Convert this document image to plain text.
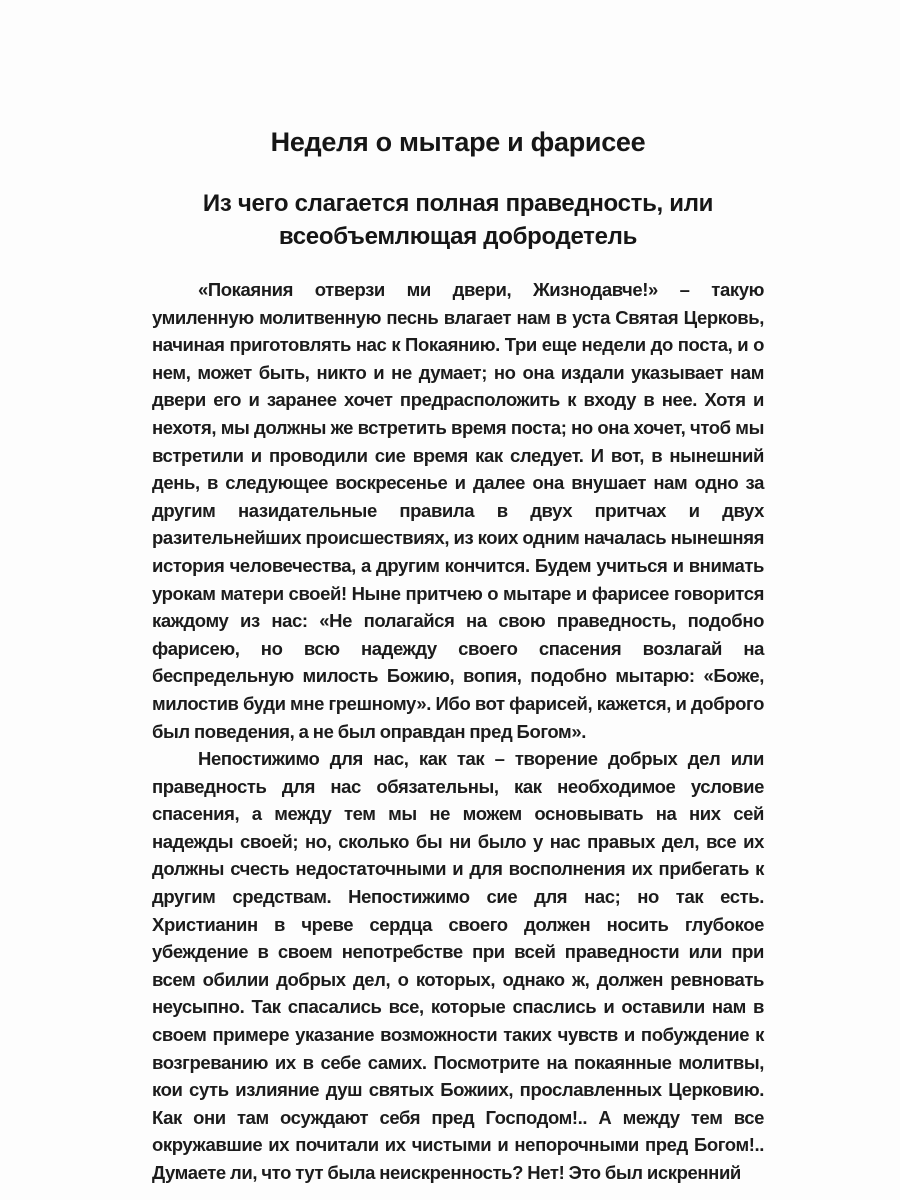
Неделя о мытаре и фарисее
Из чего слагается полная праведность, или
всеобъемлющая добродетель

«Покаяния отверзи ми двери, Жизнодавче!» – такую умиленную молитвенную песнь влагает нам в уста Святая Церковь, начиная приготовлять нас к Покаянию. Три еще недели до поста, и о нем, может быть, никто и не думает; но она издали указывает нам двери его и заранее хочет предрасположить к входу в нее. Хотя и нехотя, мы должны же встретить время поста; но она хочет, чтоб мы встретили и проводили сие время как следует. И вот, в нынешний день, в следующее воскресенье и далее она внушает нам одно за другим назидательные правила в двух притчах и двух разительнейших происшествиях, из коих одним началась нынешняя история человечества, а другим кончится. Будем учиться и внимать урокам матери своей! Ныне притчею о мытаре и фарисее говорится каждому из нас: «Не полагайся на свою праведность, подобно фарисею, но всю надежду своего спасения возлагай на беспредельную милость Божию, вопия, подобно мытарю: «Боже, милостив буди мне грешному». Ибо вот фарисей, кажется, и доброго был поведения, а не был оправдан пред Богом».

Непостижимо для нас, как так – творение добрых дел или праведность для нас обязательны, как необходимое условие спасения, а между тем мы не можем основывать на них сей надежды своей; но, сколько бы ни было у нас правых дел, все их должны счесть недостаточными и для восполнения их прибегать к другим средствам. Непостижимо сие для нас; но так есть. Христианин в чреве сердца своего должен носить глубокое убеждение в своем непотребстве при всей праведности или при всем обилии добрых дел, о которых, однако ж, должен ревновать неусыпно. Так спасались все, которые спаслись и оставили нам в своем примере указание возможности таких чувств и побуждение к возгреванию их в себе самих. Посмотрите на покаянные молитвы, кои суть излияние душ святых Божиих, прославленных Церковию. Как они там осуждают себя пред Господом!.. А между тем все окружавшие их почитали их чистыми и непорочными пред Богом!.. Думаете ли, что тут была неискренность? Нет! Это был искренний
